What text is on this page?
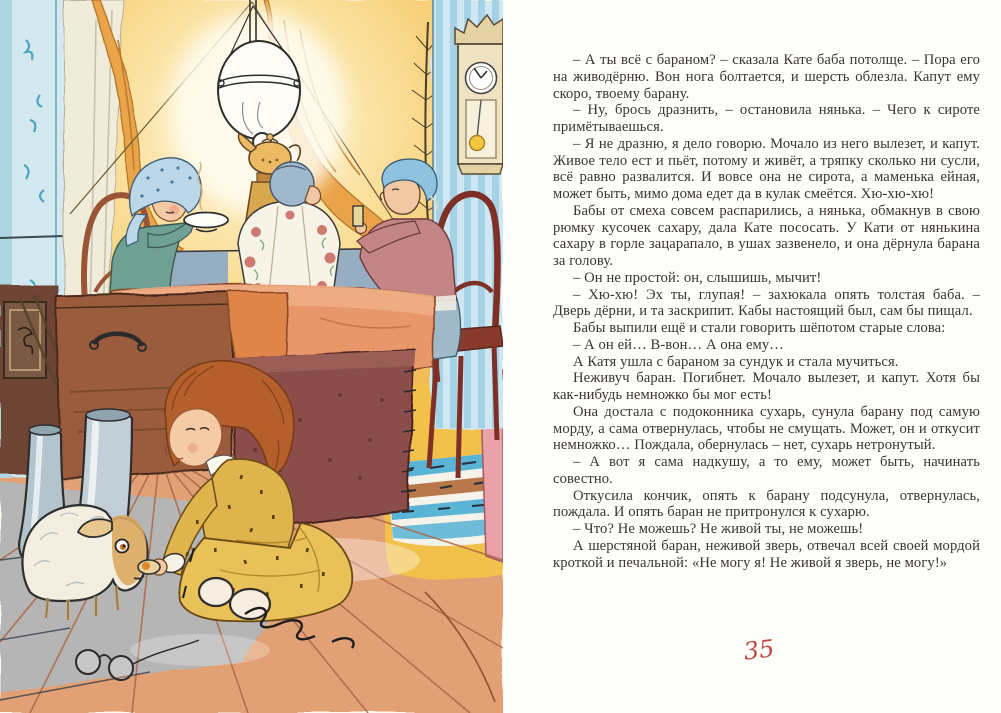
– А ты всё с бараном? – сказала Кате баба потолще. – Пора его на живодёрню. Вон нога болтается, и шерсть облезла. Капут ему скоро, твоему барану.

– Ну, брось дразнить, – остановила нянька. – Чего к сироте примётываешься.

– Я не дразню, я дело говорю. Мочало из него вылезет, и капут. Живое тело ест и пьёт, потому и живёт, а тряпку сколько ни сусли, всё равно развалится. И вовсе она не сирота, а маменька ейная, может быть, мимо дома едет да в кулак смеётся. Хю-хю-хю!

Бабы от смеха совсем распарились, а нянька, обмакнув в свою рюмку кусочек сахару, дала Кате пососать. У Кати от нянькина сахару в горле зацарапало, в ушах зазвенело, и она дёрнула барана за голову.

– Он не простой: он, слышишь, мычит!

– Хю-хю! Эх ты, глупая! – захюкала опять толстая баба. – Дверь дёрни, и та заскрипит. Кабы настоящий был, сам бы пищал.

Бабы выпили ещё и стали говорить шёпотом старые слова:

– А он ей… В-вон… А она ему…

А Катя ушла с бараном за сундук и стала мучиться.

Неживуч баран. Погибнет. Мочало вылезет, и капут. Хотя бы как-нибудь немножко бы мог есть!

Она достала с подоконника сухарь, сунула барану под самую морду, а сама отвернулась, чтобы не смущать. Может, он и откусит немножко… Пождала, обернулась – нет, сухарь нетронутый.

– А вот я сама надкушу, а то ему, может быть, начинать совестно.

Откусила кончик, опять к барану подсунула, отвернулась, пождала. И опять баран не притронулся к сухарю.

– Что? Не можешь? Не живой ты, не можешь!

А шерстяной баран, неживой зверь, отвечал всей своей мордой кроткой и печальной: «Не могу я! Не живой я зверь, не могу!»

35
